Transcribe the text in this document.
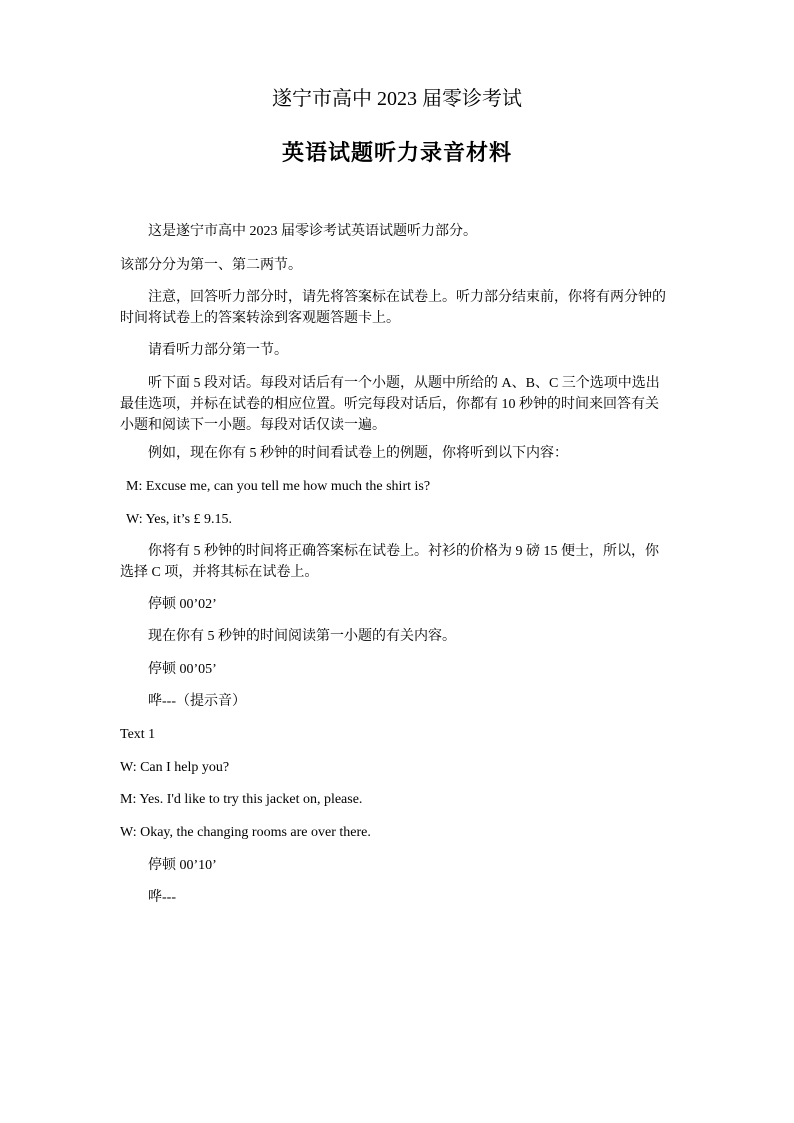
遂宁市高中 2023 届零诊考试
英语试题听力录音材料

这是遂宁市高中 2023 届零诊考试英语试题听力部分。

该部分分为第一、第二两节。

注意，回答听力部分时，请先将答案标在试卷上。听力部分结束前，你将有两分钟的时间将试卷上的答案转涂到客观题答题卡上。

请看听力部分第一节。

听下面 5 段对话。每段对话后有一个小题，从题中所给的 A、B、C 三个选项中选出最佳选项，并标在试卷的相应位置。听完每段对话后，你都有 10 秒钟的时间来回答有关小题和阅读下一小题。每段对话仅读一遍。

例如，现在你有 5 秒钟的时间看试卷上的例题，你将听到以下内容：

M: Excuse me, can you tell me how much the shirt is?

W: Yes, it’s £ 9.15.

你将有 5 秒钟的时间将正确答案标在试卷上。衬衫的价格为 9 磅 15 便士，所以，你选择 C 项，并将其标在试卷上。

停顿 00’02’

现在你有 5 秒钟的时间阅读第一小题的有关内容。

停顿 00’05’

哗---（提示音）

Text 1

W: Can I help you?

M: Yes. I'd like to try this jacket on, please.

W: Okay, the changing rooms are over there.

停顿 00’10’

哗---
